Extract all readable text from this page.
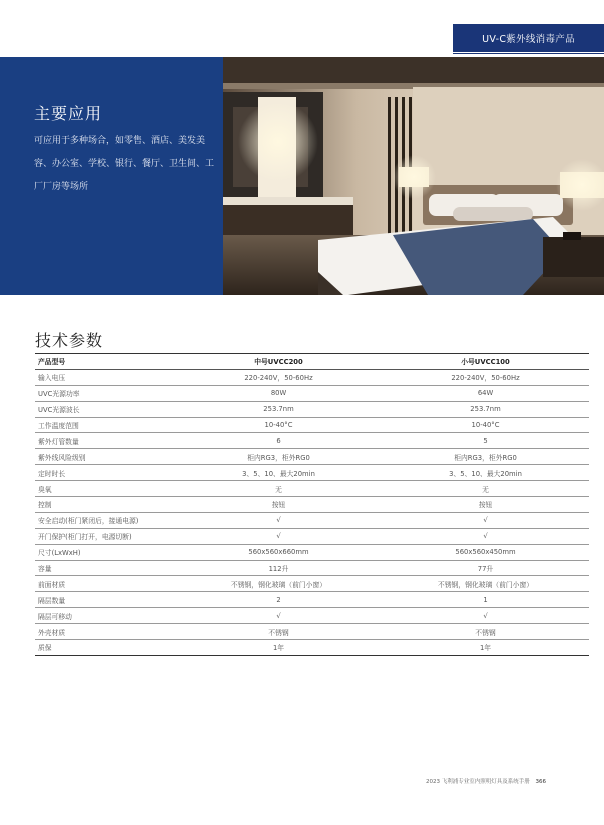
UV-C紫外线消毒产品
主要应用
可应用于多种场合，如零售、酒店、美发美容、办公室、学校、银行、餐厅、卫生间、工厂厂房等场所
技术参数
产品型号	中号UVCC200	小号UVCC100
输入电压	220-240V，50-60Hz	220-240V，50-60Hz
UVC光源功率	80W	64W
UVC光源波长	253.7nm	253.7nm
工作温度范围	10-40°C	10-40°C
紫外灯管数量	6	5
紫外线风险级别	柜内RG3，柜外RG0	柜内RG3，柜外RG0
定时时长	3、5、10、最大20min	3、5、10、最大20min
臭氧	无	无
控制	按钮	按钮
安全启动(柜门紧闭后，接通电源)	√	√
开门保护(柜门打开，电源切断)	√	√
尺寸(LxWxH)	560x560x660mm	560x560x450mm
容量	112升	77升
前面材质	不锈钢，钢化玻璃（前门小窗）	不锈钢，钢化玻璃（前门小窗）
隔层数量	2	1
隔层可移动	√	√
外壳材质	不锈钢	不锈钢
质保	1年	1年
2023 飞利浦专业室内照明灯具及系统手册 366
